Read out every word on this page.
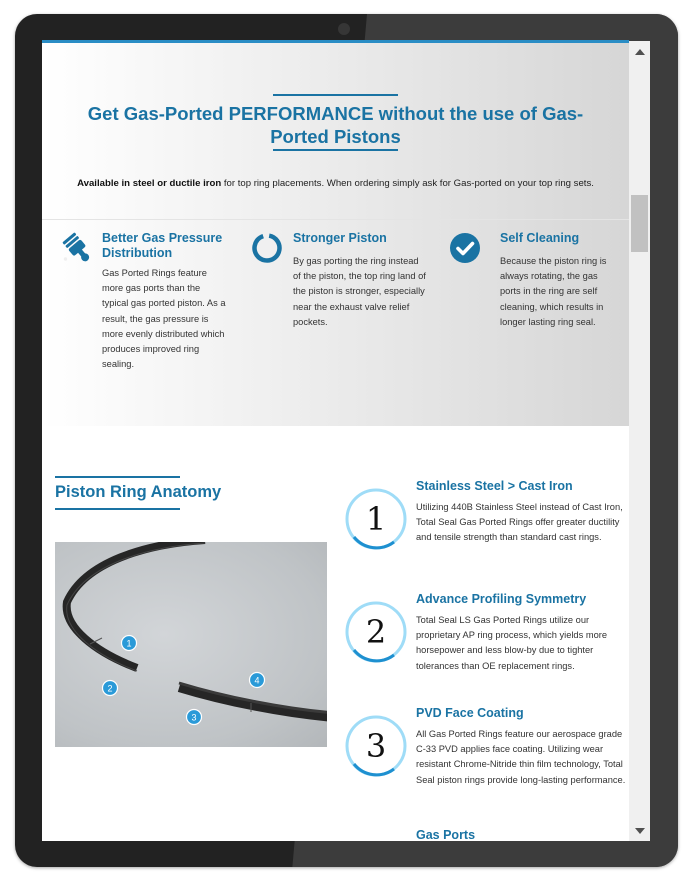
Get Gas-Ported PERFORMANCE without the use of Gas-Ported Pistons

Available in steel or ductile iron for top ring placements. When ordering simply ask for Gas-ported on your top ring sets.

Better Gas Pressure Distribution

Gas Ported Rings feature more gas ports than the typical gas ported piston. As a result, the gas pressure is more evenly distributed which produces improved ring sealing.

Stronger Piston

By gas porting the ring instead of the piston, the top ring land of the piston is stronger, especially near the exhaust valve relief pockets.

Self Cleaning

Because the piston ring is always rotating, the gas ports in the ring are self cleaning, which results in longer lasting ring seal.

Piston Ring Anatomy
1
2
3
4
1
Stainless Steel > Cast Iron

Utilizing 440B Stainless Steel instead of Cast Iron, Total Seal Gas Ported Rings offer greater ductility and tensile strength than standard cast rings.

2
Advance Profiling Symmetry

Total Seal LS Gas Ported Rings utilize our proprietary AP ring process, which yields more horsepower and less blow-by due to tighter tolerances than OE replacement rings.

3
PVD Face Coating

All Gas Ported Rings feature our aerospace grade C-33 PVD applies face coating. Utilizing wear resistant Chrome-Nitride thin film technology, Total Seal piston rings provide long-lasting performance.

Gas Ports
